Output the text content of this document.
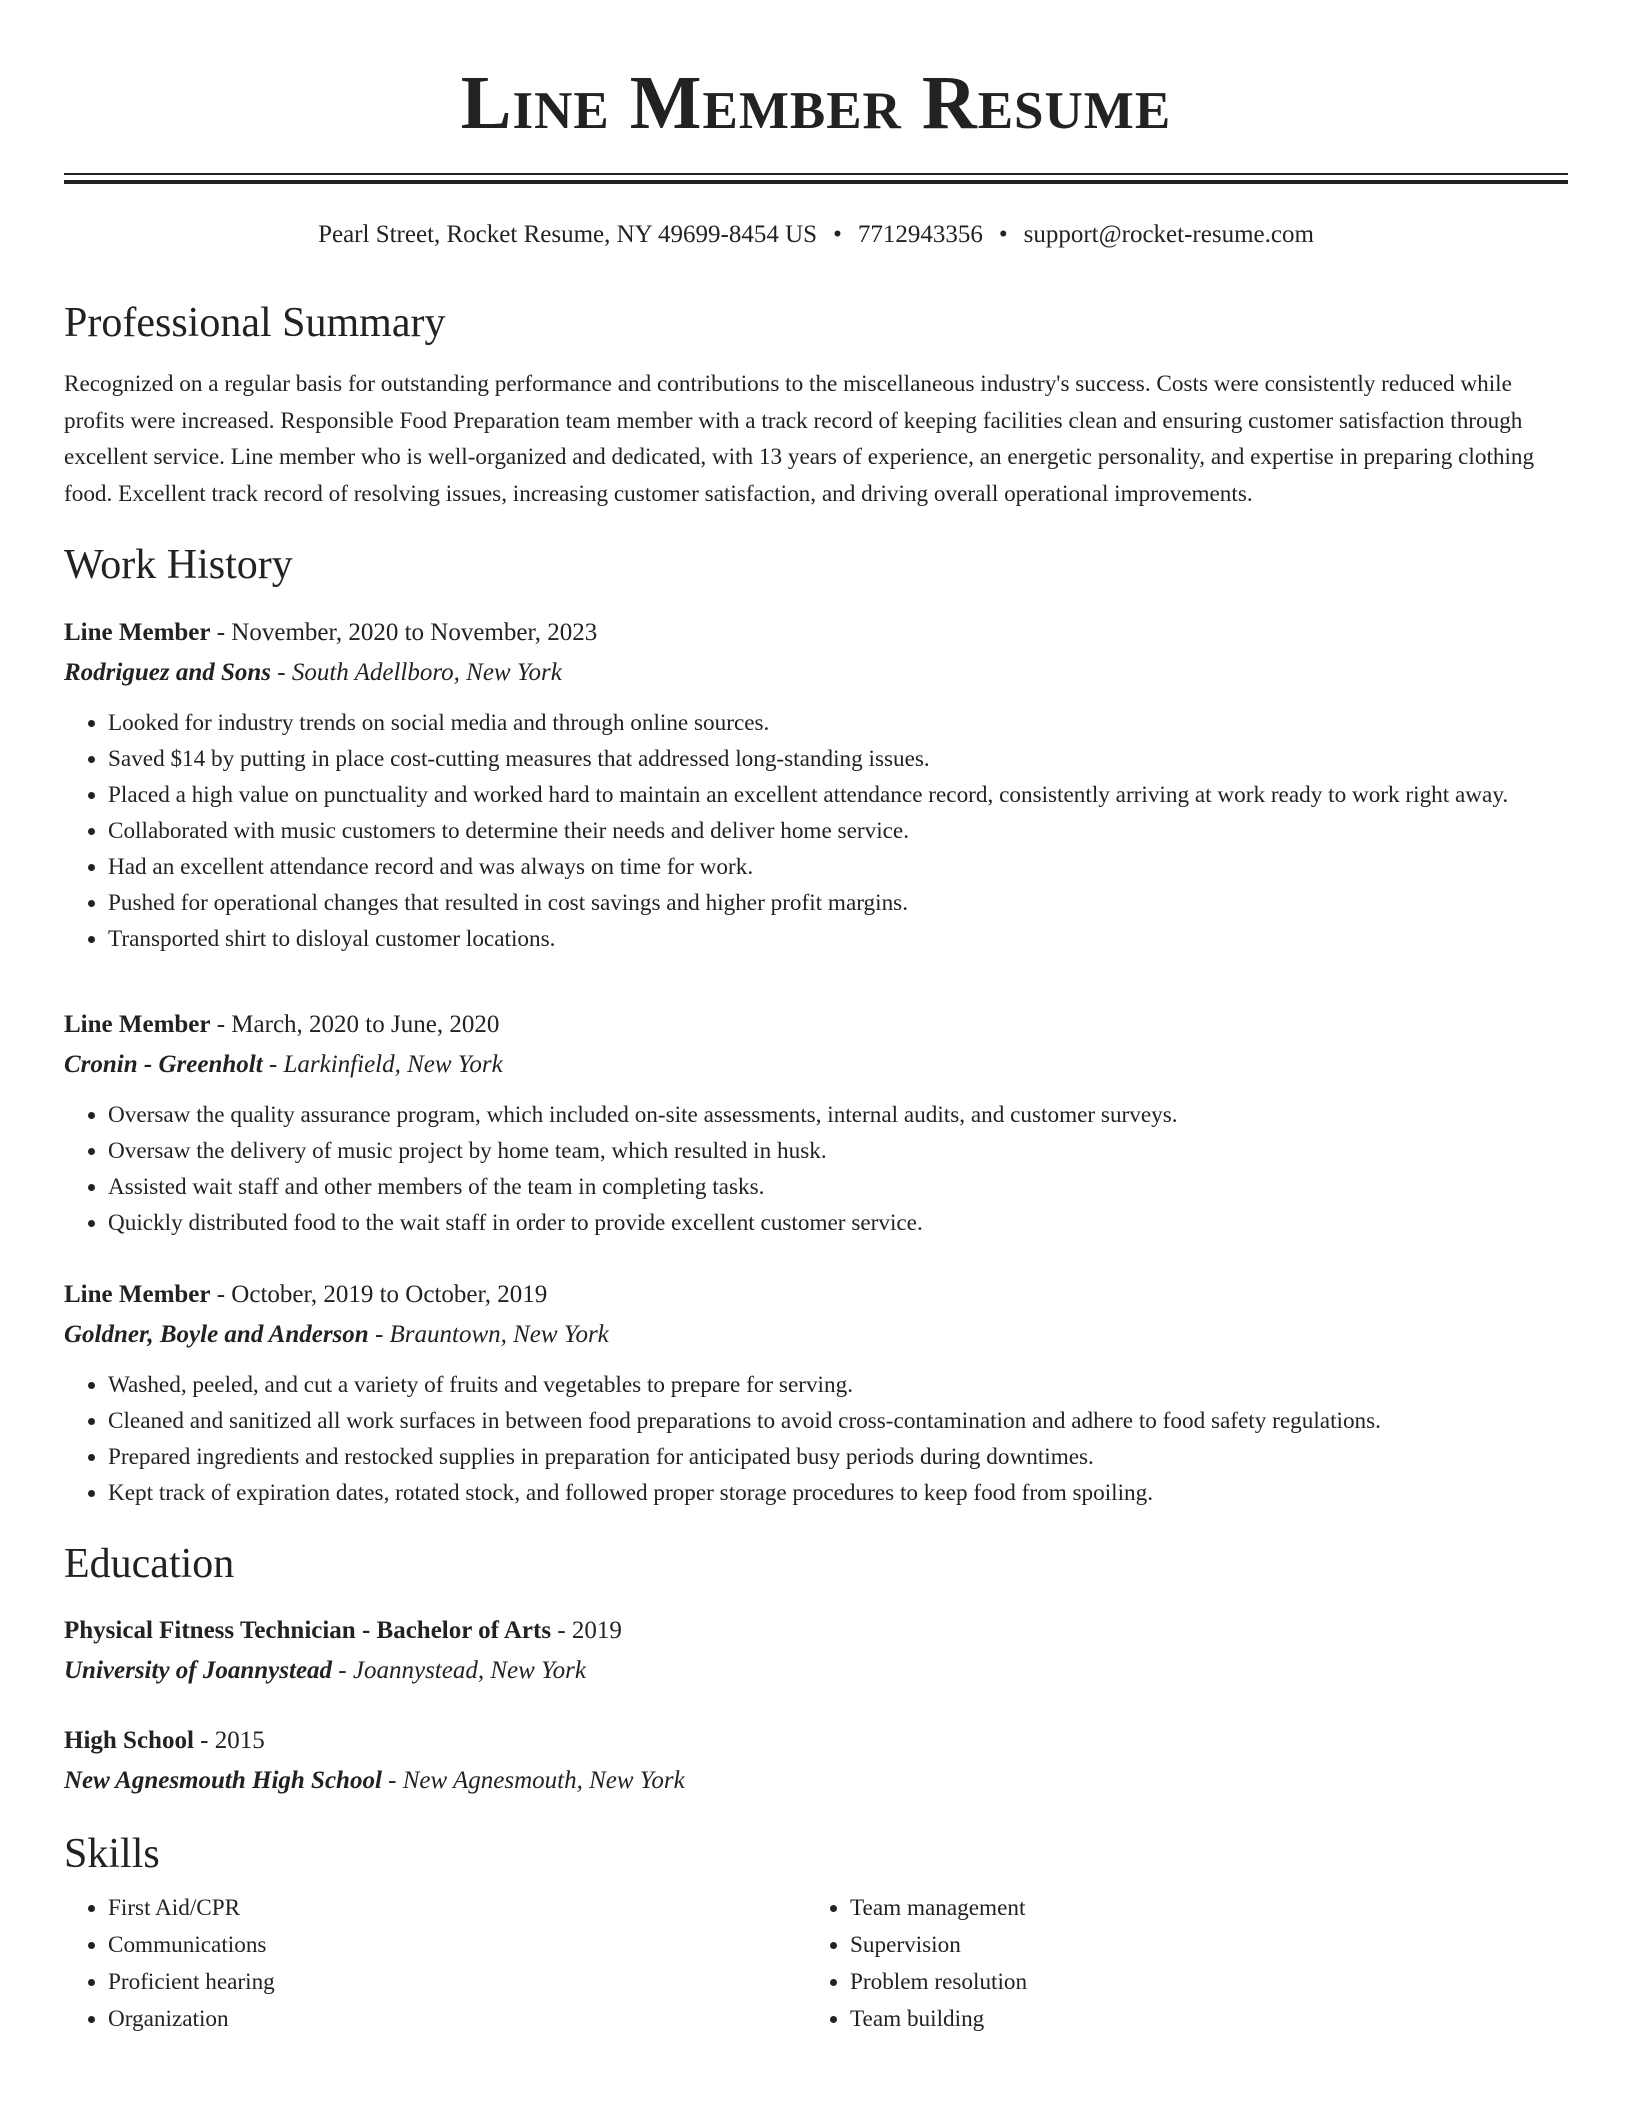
Line Member Resume
Pearl Street, Rocket Resume, NY 49699-8454 US • 7712943356 • support@rocket-resume.com
Professional Summary

Recognized on a regular basis for outstanding performance and contributions to the miscellaneous industry's success. Costs were consistently reduced while profits were increased. Responsible Food Preparation team member with a track record of keeping facilities clean and ensuring customer satisfaction through excellent service. Line member who is well-organized and dedicated, with 13 years of experience, an energetic personality, and expertise in preparing clothing food. Excellent track record of resolving issues, increasing customer satisfaction, and driving overall operational improvements.

Work History
Line Member - November, 2020 to November, 2023
Rodriguez and Sons - South Adellboro, New York
• Looked for industry trends on social media and through online sources.
• Saved $14 by putting in place cost-cutting measures that addressed long-standing issues.
• Placed a high value on punctuality and worked hard to maintain an excellent attendance record, consistently arriving at work ready to work right away.
• Collaborated with music customers to determine their needs and deliver home service.
• Had an excellent attendance record and was always on time for work.
• Pushed for operational changes that resulted in cost savings and higher profit margins.
• Transported shirt to disloyal customer locations.
Line Member - March, 2020 to June, 2020
Cronin - Greenholt - Larkinfield, New York
• Oversaw the quality assurance program, which included on-site assessments, internal audits, and customer surveys.
• Oversaw the delivery of music project by home team, which resulted in husk.
• Assisted wait staff and other members of the team in completing tasks.
• Quickly distributed food to the wait staff in order to provide excellent customer service.
Line Member - October, 2019 to October, 2019
Goldner, Boyle and Anderson - Brauntown, New York
• Washed, peeled, and cut a variety of fruits and vegetables to prepare for serving.
• Cleaned and sanitized all work surfaces in between food preparations to avoid cross-contamination and adhere to food safety regulations.
• Prepared ingredients and restocked supplies in preparation for anticipated busy periods during downtimes.
• Kept track of expiration dates, rotated stock, and followed proper storage procedures to keep food from spoiling.
Education
Physical Fitness Technician - Bachelor of Arts - 2019
University of Joannystead - Joannystead, New York
High School - 2015
New Agnesmouth High School - New Agnesmouth, New York
Skills
• First Aid/CPR
• Communications
• Proficient hearing
• Organization
• Team management
• Supervision
• Problem resolution
• Team building
